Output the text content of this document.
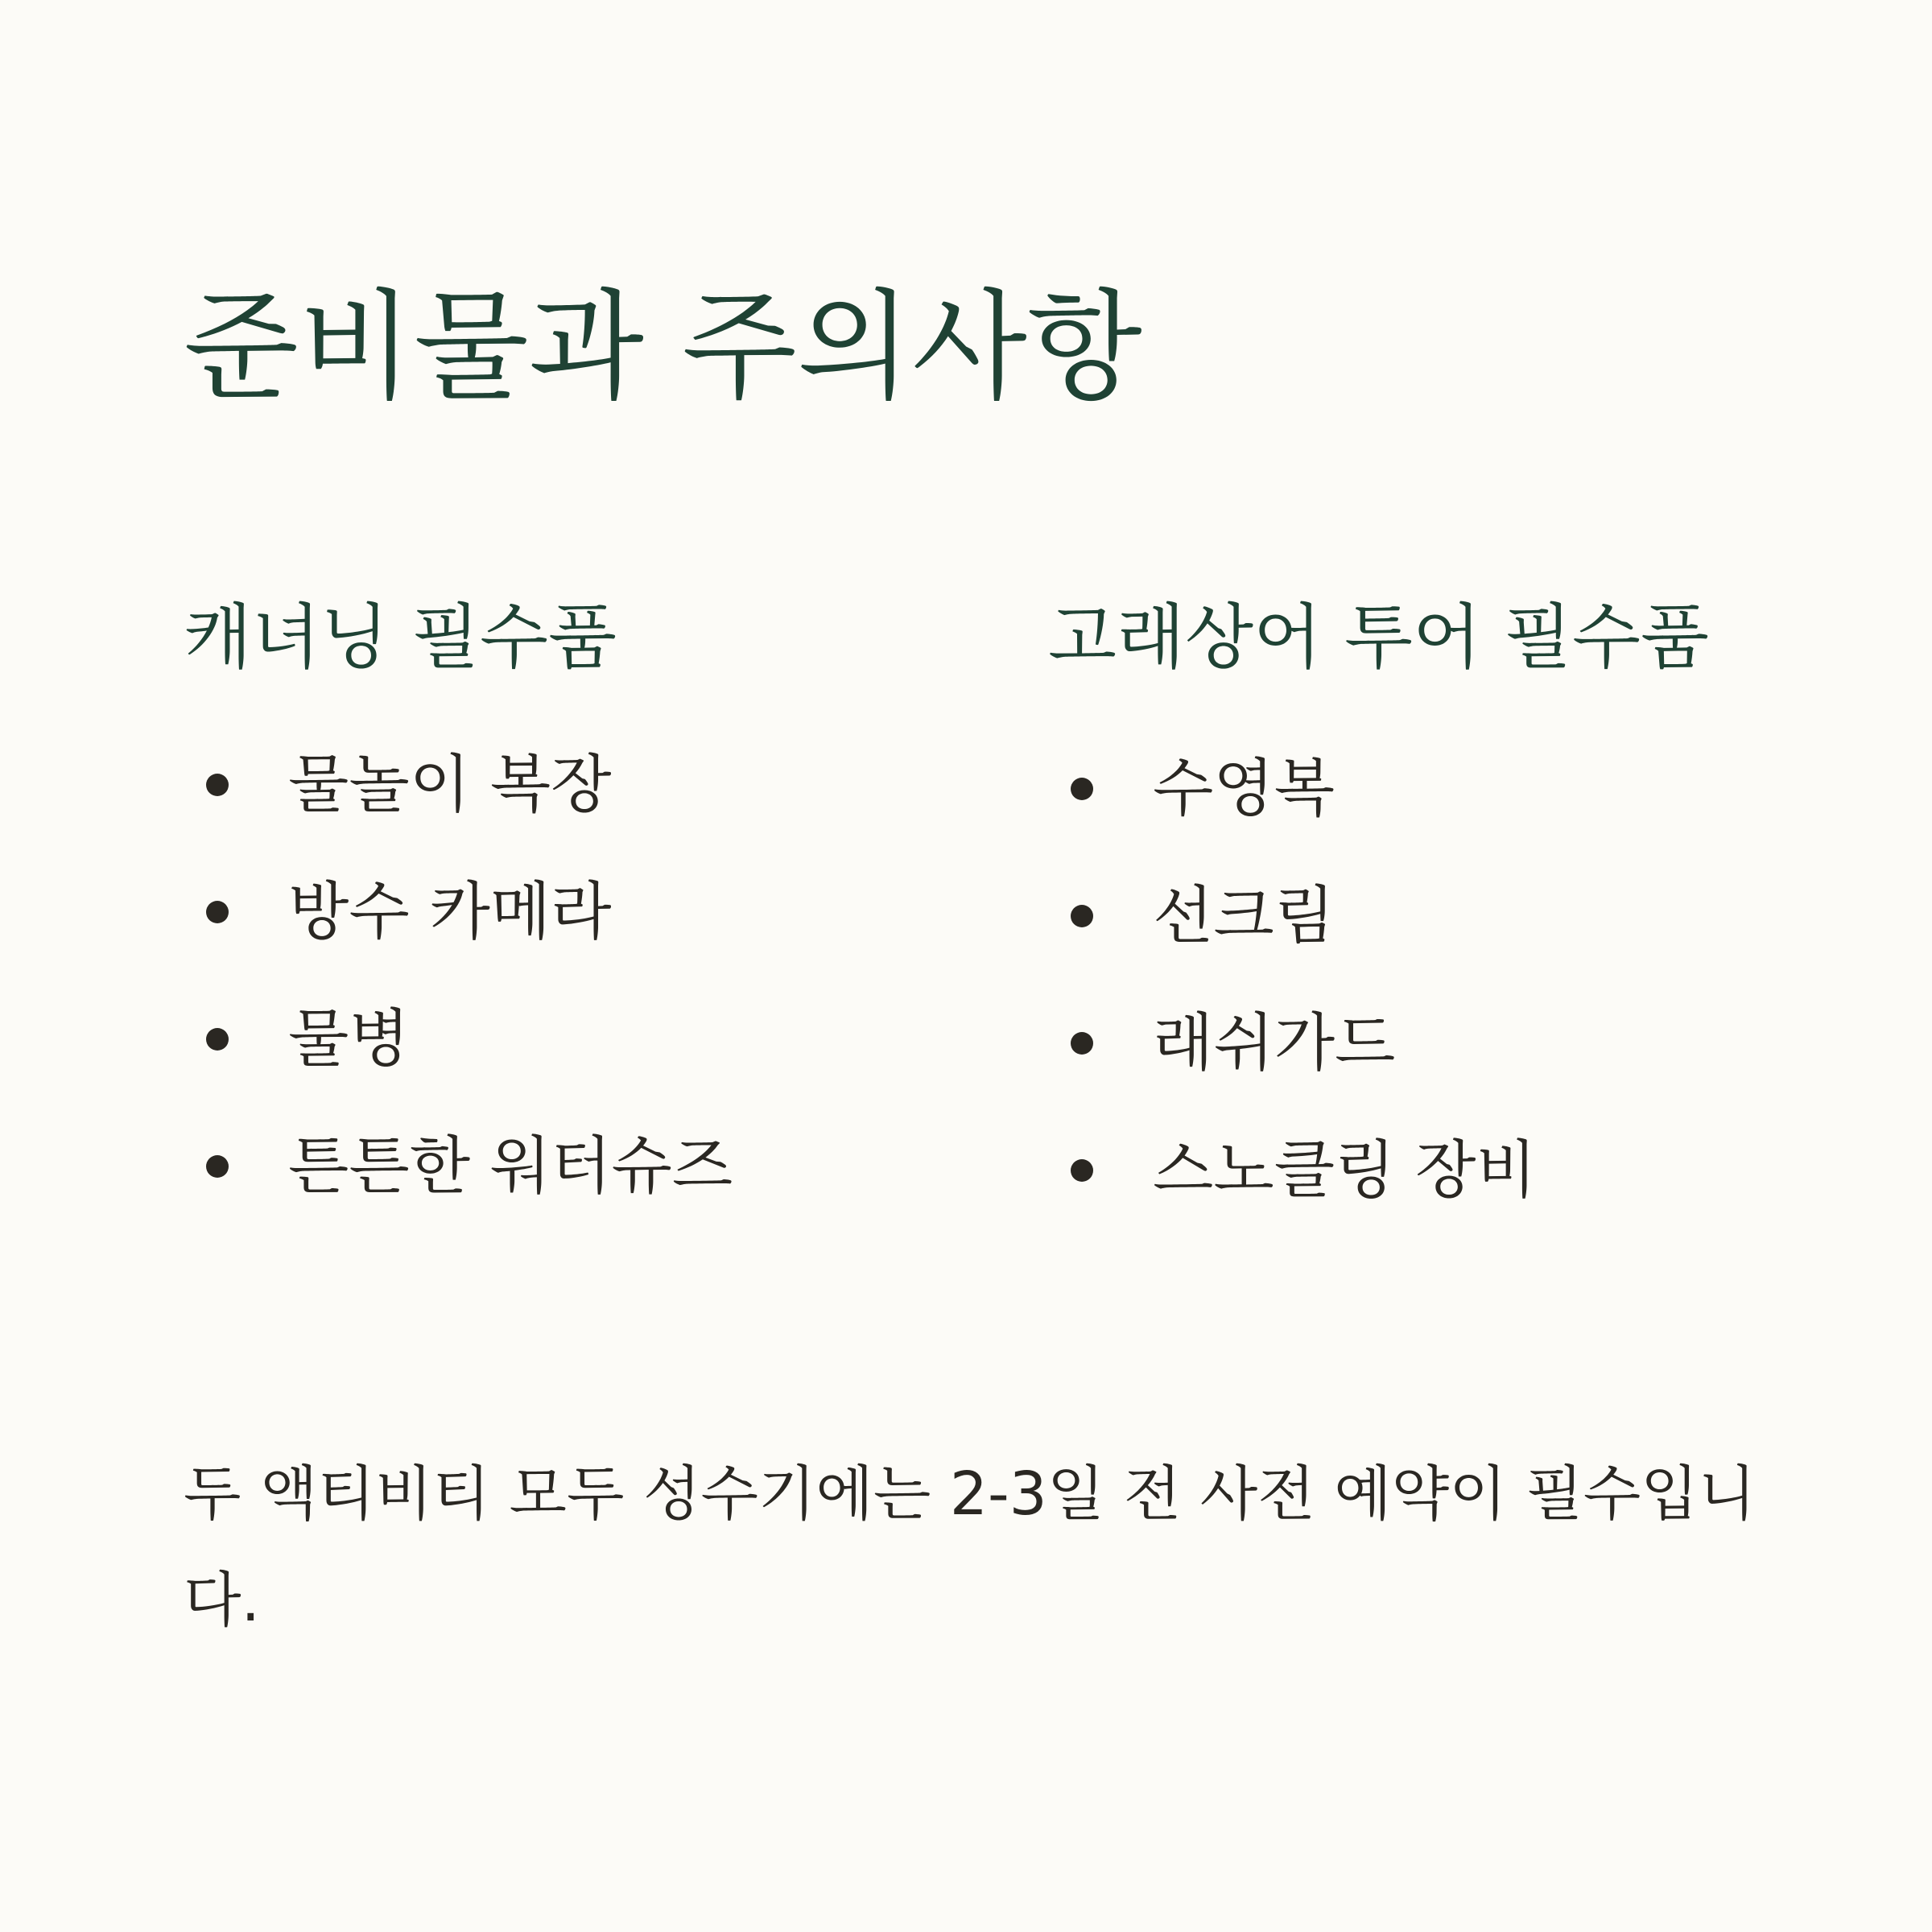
준비물과 주의사항
캐녀닝 필수품
물놀이 복장
방수 카메라
물병
튼튼한 워터슈즈
고래상어 투어 필수품
수영복
선크림
래쉬가드
스노클링 장비

두 액티비티 모두 성수기에는 2-3일 전 사전 예약이 필수입니다.
